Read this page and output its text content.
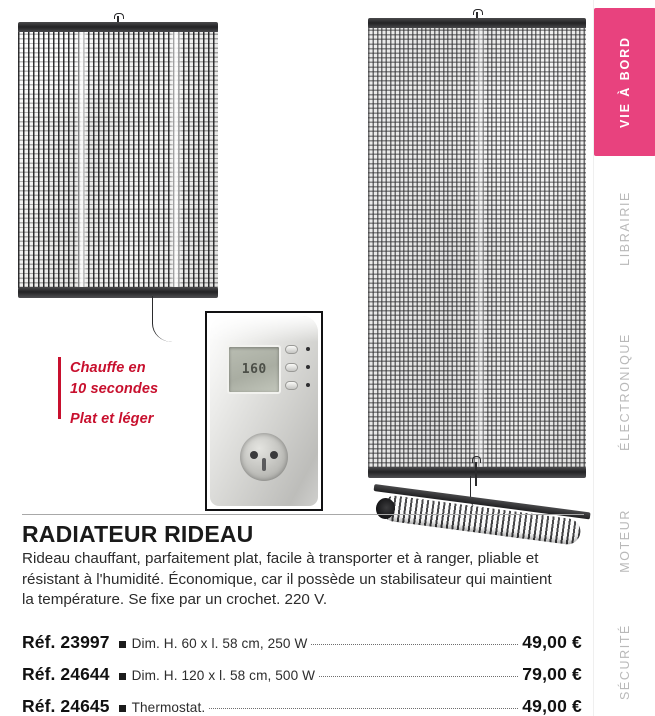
160
Chauffe en
10 secondes
Plat et léger
RADIATEUR RIDEAU

Rideau chauffant, parfaitement plat, facile à transporter et à ranger, pliable et résistant à l'humidité. Économique, car il possède un stabilisateur qui maintient la température. Se fixe par un crochet. 220 V.

Réf. 23997 Dim. H. 60 x l. 58 cm, 250 W	49,00 €
Réf. 24644 Dim. H. 120 x l. 58 cm, 500 W	79,00 €
Réf. 24645 Thermostat.	49,00 €
VIE À BORD
LIBRAIRIE
ÉLECTRONIQUE
MOTEUR
SÉCURITÉ
